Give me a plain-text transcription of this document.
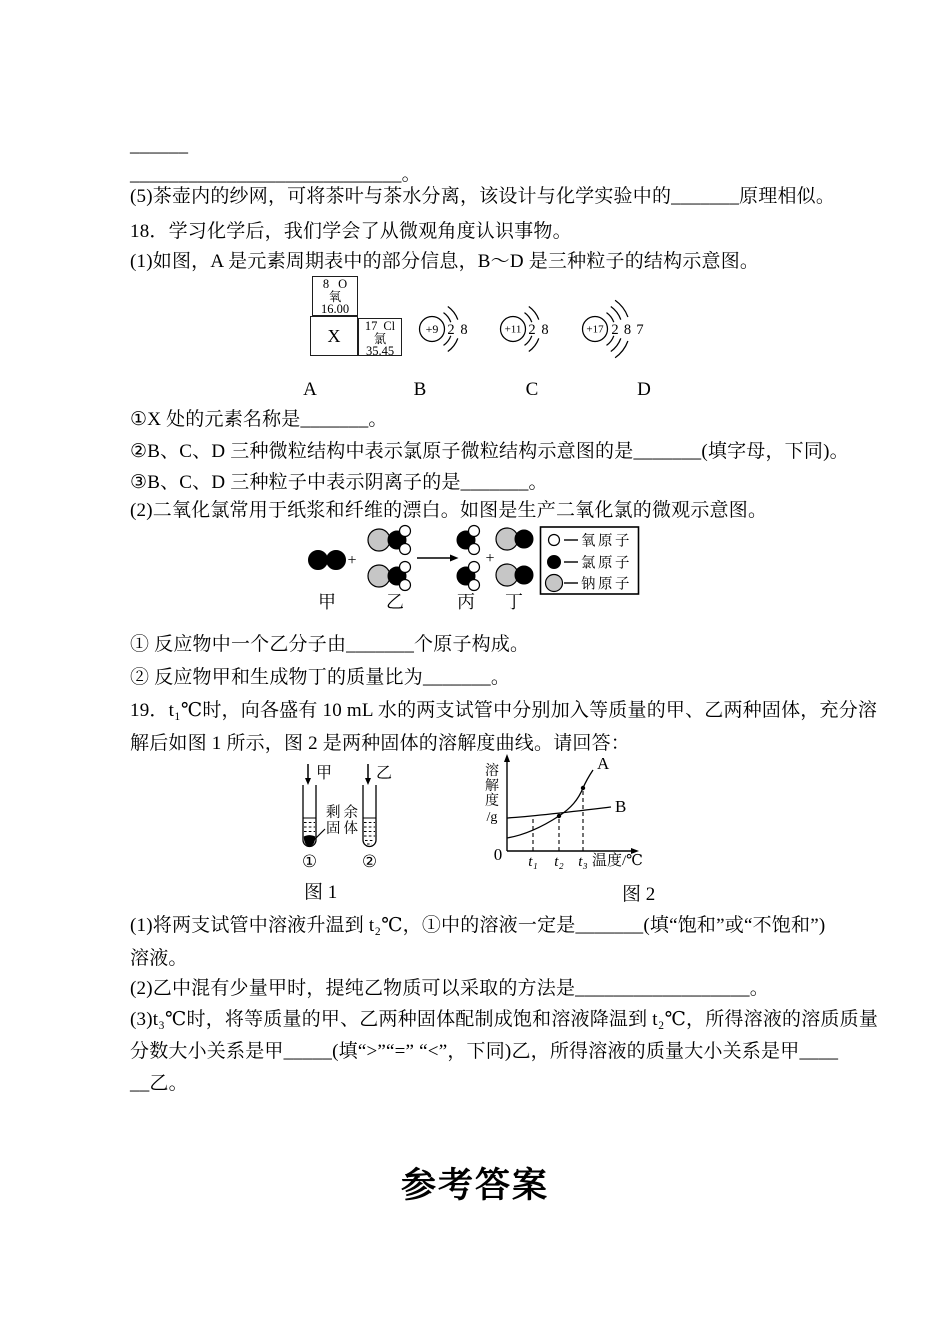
______
____________________________。
(5)茶壶内的纱网，可将茶叶与茶水分离，该设计与化学实验中的_______原理相似。
18．学习化学后，我们学会了从微观角度认识事物。
(1)如图，A 是元素周期表中的部分信息，B～D 是三种粒子的结构示意图。
8 O
氧
16.00
X 17 Cl
氯
35.45
+9 2 8	+11 2 8	+17 2 8 7
A	B	C	D
①X 处的元素名称是_______。
②B、C、D 三种微粒结构中表示氯原子微粒结构示意图的是_______(填字母，下同)。
③B、C、D 三种粒子中表示阴离子的是_______。
(2)二氧化氯常用于纸浆和纤维的漂白。如图是生产二氧化氯的微观示意图。
+	+
甲	乙	丙 丁
氧原子
氯原子
钠原子
① 反应物中一个乙分子由_______个原子构成。
② 反应物甲和生成物丁的质量比为_______。
19．t₁℃时，向各盛有 10 mL 水的两支试管中分别加入等质量的甲、乙两种固体，充分溶
解后如图 1 所示，图 2 是两种固体的溶解度曲线。请回答：
甲	乙
剩余
固体
①	②
图 1
溶
解
度
/g
A
B
0 t₁ t₂ t₃ 温度/℃
图 2
(1)将两支试管中溶液升温到 t₂℃，①中的溶液一定是_______(填“饱和”或“不饱和”)
溶液。
(2)乙中混有少量甲时，提纯乙物质可以采取的方法是__________________。
(3)t₃℃时，将等质量的甲、乙两种固体配制成饱和溶液降温到 t₂℃，所得溶液的溶质质量
分数大小关系是甲_____(填“>”“=” “<”，下同)乙，所得溶液的质量大小关系是甲____
__乙。
参考答案
